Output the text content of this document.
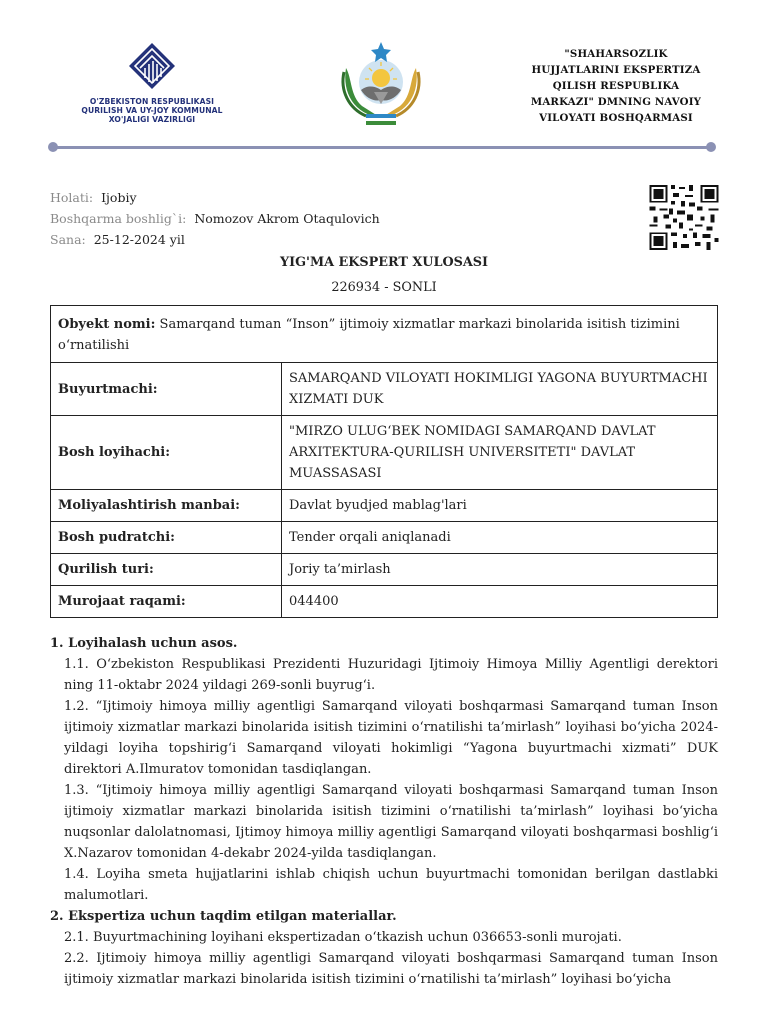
O'ZBEKISTON RESPUBLIKASI
QURILISH VA UY-JOY KOMMUNAL
XO'JALIGI VAZIRLIGI
"SHAHARSOZLIK
HUJJATLARINI EKSPERTIZA
QILISH RESPUBLIKA
MARKAZI" DMNING NAVOIY
VILOYATI BOSHQARMASI
Holati: Ijobiy
Boshqarma boshlig`i: Nomozov Akrom Otaqulovich
Sana: 25-12-2024 yil
YIG'MA EKSPERT XULOSASI
226934 - SONLI
Obyekt nomi: Samarqand tuman “Inson” ijtimoiy xizmatlar markazi binolarida isitish tizimini o‘rnatilishi	
Buyurtmachi:	SAMARQAND VILOYATI HOKIMLIGI YAGONA BUYURTMACHI XIZMATI DUK
Bosh loyihachi:	"MIRZO ULUG‘BEK NOMIDAGI SAMARQAND DAVLAT ARXITEKTURA-QURILISH UNIVERSITETI" DAVLAT MUASSASASI
Moliyalashtirish manbai:	Davlat byudjed mablag'lari
Bosh pudratchi:	Tender orqali aniqlanadi
Qurilish turi:	Joriy ta’mirlash
Murojaat raqami:	044400
1. Loyihalash uchun asos.
1.1. O‘zbekiston Respublikasi Prezidenti Huzuridagi Ijtimoiy Himoya Milliy Agentligi derektori ning 11-oktabr 2024 yildagi 269-sonli buyrug‘i.
1.2. “Ijtimoiy himoya milliy agentligi Samarqand viloyati boshqarmasi Samarqand tuman Inson ijtimoiy xizmatlar markazi binolarida isitish tizimini o‘rnatilishi ta’mirlash” loyihasi bo‘yicha 2024-yildagi loyiha topshirig‘i Samarqand viloyati hokimligi “Yagona buyurtmachi xizmati” DUK direktori A.Ilmuratov tomonidan tasdiqlangan.
1.3. “Ijtimoiy himoya milliy agentligi Samarqand viloyati boshqarmasi Samarqand tuman Inson ijtimoiy xizmatlar markazi binolarida isitish tizimini o‘rnatilishi ta’mirlash” loyihasi bo‘yicha nuqsonlar dalolatnomasi, Ijtimoy himoya milliy agentligi Samarqand viloyati boshqarmasi boshlig‘i X.Nazarov tomonidan 4-dekabr 2024-yilda tasdiqlangan.
1.4. Loyiha smeta hujjatlarini ishlab chiqish uchun buyurtmachi tomonidan berilgan dastlabki malumotlari.
2. Ekspertiza uchun taqdim etilgan materiallar.
2.1. Buyurtmachining loyihani ekspertizadan o‘tkazish uchun 036653-sonli murojati.
2.2. Ijtimoiy himoya milliy agentligi Samarqand viloyati boshqarmasi Samarqand tuman Inson ijtimoiy xizmatlar markazi binolarida isitish tizimini o‘rnatilishi ta’mirlash” loyihasi bo‘yicha
